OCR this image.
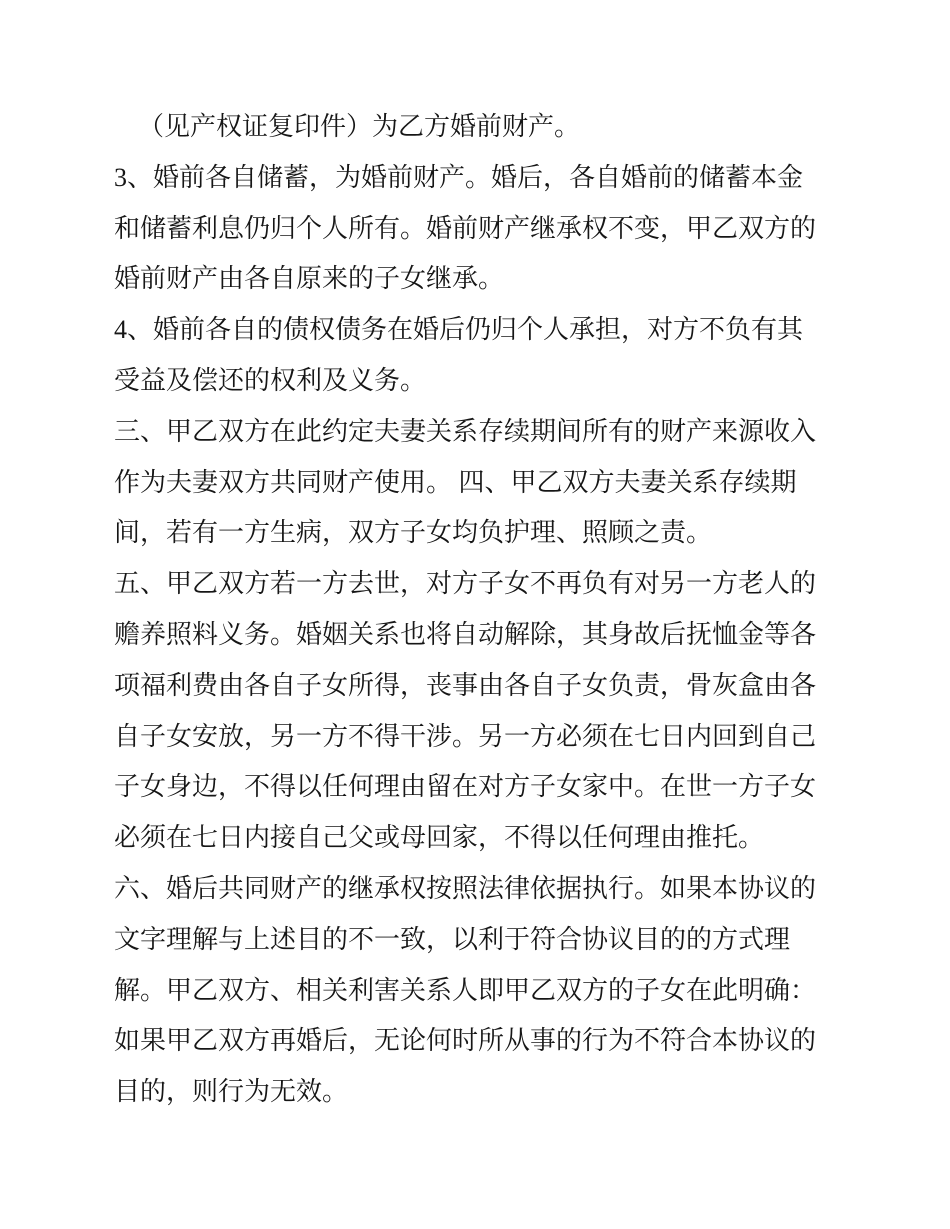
（见产权证复印件）为乙方婚前财产。
3、婚前各自储蓄，为婚前财产。婚后，各自婚前的储蓄本金
和储蓄利息仍归个人所有。婚前财产继承权不变，甲乙双方的
婚前财产由各自原来的子女继承。
4、婚前各自的债权债务在婚后仍归个人承担，对方不负有其
受益及偿还的权利及义务。
三、甲乙双方在此约定夫妻关系存续期间所有的财产来源收入
作为夫妻双方共同财产使用。 四、甲乙双方夫妻关系存续期
间，若有一方生病，双方子女均负护理、照顾之责。
五、甲乙双方若一方去世，对方子女不再负有对另一方老人的
赡养照料义务。婚姻关系也将自动解除，其身故后抚恤金等各
项福利费由各自子女所得，丧事由各自子女负责，骨灰盒由各
自子女安放，另一方不得干涉。另一方必须在七日内回到自己
子女身边，不得以任何理由留在对方子女家中。在世一方子女
必须在七日内接自己父或母回家，不得以任何理由推托。
六、婚后共同财产的继承权按照法律依据执行。如果本协议的
文字理解与上述目的不一致，以利于符合协议目的的方式理
解。甲乙双方、相关利害关系人即甲乙双方的子女在此明确：
如果甲乙双方再婚后，无论何时所从事的行为不符合本协议的
目的，则行为无效。
